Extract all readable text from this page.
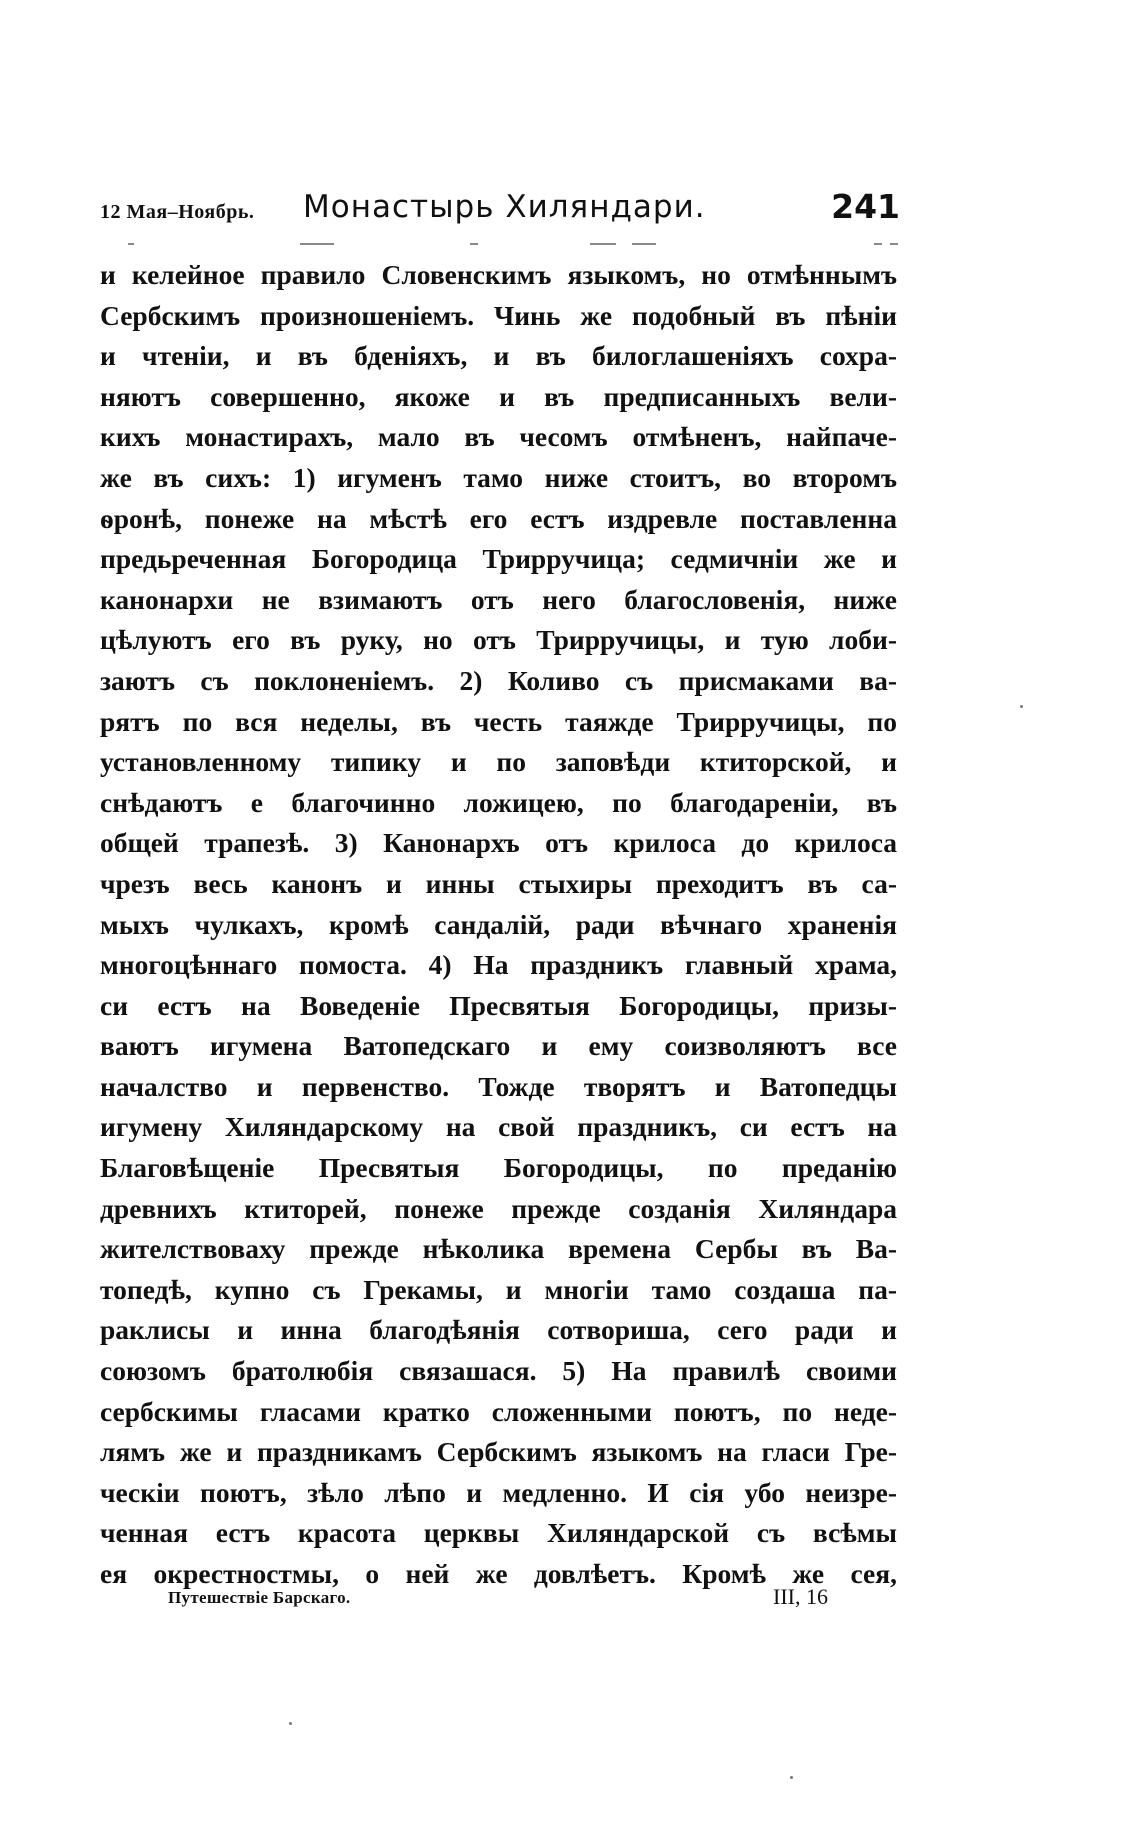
12 Мая–Ноябрь. Монастырь Хиляндари.	241
и келейное правило Словенскимъ языкомъ, но отмѣннымъ
Сербскимъ произношеніемъ. Чинь же подобный въ пѣніи
и чтеніи, и въ бденіяхъ, и въ билоглашеніяхъ сохра-
няютъ совершенно, якоже и въ предписанныхъ вели-
кихъ монастирахъ, мало въ чесомъ отмѣненъ, найпаче-
же въ сихъ: 1) игуменъ тамо ниже стоитъ, во второмъ
ѳронѣ, понеже на мѣстѣ его естъ издревле поставленна
предьреченная Богородица Трирручица; седмичніи же и
канонархи не взимаютъ отъ него благословенія, ниже
цѣлуютъ его въ руку, но отъ Трирручицы, и тую лоби-
заютъ съ поклоненіемъ. 2) Коливо съ присмаками ва-
рятъ по вся неделы, въ честь таяжде Трирручицы, по
установленному типику и по заповѣди ктиторской, и
снѣдаютъ е благочинно ложицею, по благодареніи, въ
общей трапезѣ. 3) Канонархъ отъ крилоса до крилоса
чрезъ весь канонъ и инны стыхиры преходитъ въ са-
мыхъ чулкахъ, кромѣ сандалій, ради вѣчнаго храненія
многоцѣннаго помоста. 4) На праздникъ главный храма,
си естъ на Воведеніе Пресвятыя Богородицы, призы-
ваютъ игумена Ватопедскаго и ему соизволяютъ все
началство и первенство. Тожде творятъ и Ватопедцы
игумену Хиляндарскому на свой праздникъ, си естъ на
Благовѣщеніе Пресвятыя Богородицы, по преданію
древнихъ ктиторей, понеже прежде созданія Хиляндара
жителствоваху прежде нѣколика времена Сербы въ Ва-
топедѣ, купно съ Грекамы, и многіи тамо создаша па-
раклисы и инна благодѣянія сотвориша, сего ради и
союзомъ братолюбія связашася. 5) На правилѣ своими
сербскимы гласами кратко сложенными поютъ, по неде-
лямъ же и праздникамъ Сербскимъ языкомъ на гласи Гре-
ческіи поютъ, зѣло лѣпо и медленно. И сія убо неизре-
ченная естъ красота церквы Хиляндарской съ всѣмы
ея окрестностмы, о ней же довлѣетъ. Кромѣ же сея,
Путешествіе Барскаго.	III, 16
